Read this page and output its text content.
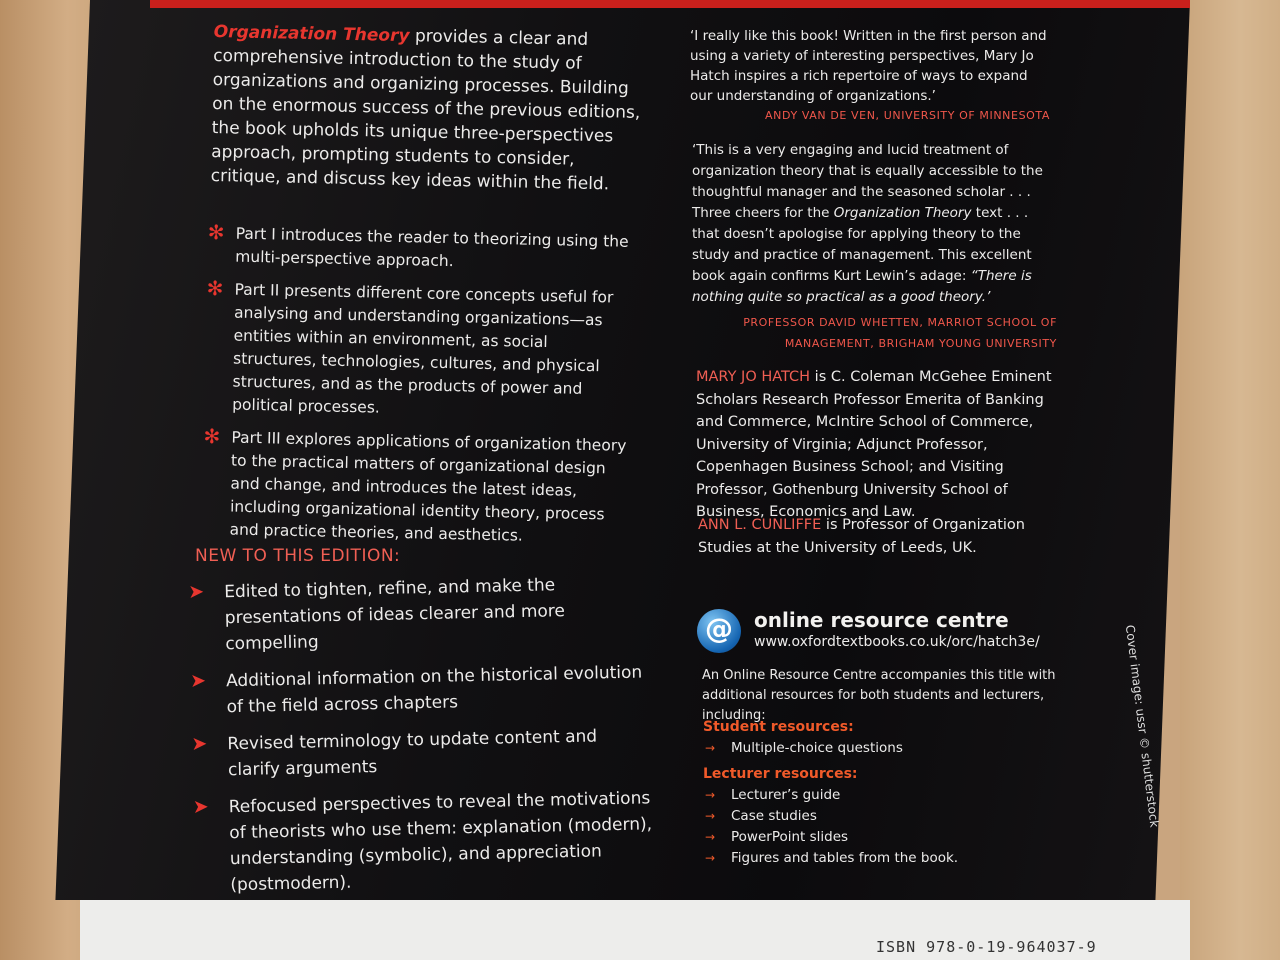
Organization Theory provides a clear and comprehensive introduction to the study of organizations and organizing processes. Building on the enormous success of the previous editions, the book upholds its unique three-perspectives approach, prompting students to consider, critique, and discuss key ideas within the field.
✻ Part I introduces the reader to theorizing using the multi-perspective approach.
✻ Part II presents different core concepts useful for analysing and understanding organizations—as entities within an environment, as social structures, technologies, cultures, and physical structures, and as the products of power and political processes.
✻ Part III explores applications of organization theory to the practical matters of organizational design and change, and introduces the latest ideas, including organizational identity theory, process and practice theories, and aesthetics.
NEW TO THIS EDITION:
➤ Edited to tighten, refine, and make the presentations of ideas clearer and more compelling
➤ Additional information on the historical evolution of the field across chapters
➤ Revised terminology to update content and clarify arguments
➤ Refocused perspectives to reveal the motivations of theorists who use them: explanation (modern), understanding (symbolic), and appreciation (postmodern).
‘I really like this book! Written in the first person and using a variety of interesting perspectives, Mary Jo Hatch inspires a rich repertoire of ways to expand our understanding of organizations.’
ANDY VAN DE VEN, UNIVERSITY OF MINNESOTA
‘This is a very engaging and lucid treatment of organization theory that is equally accessible to the thoughtful manager and the seasoned scholar . . . Three cheers for the Organization Theory text . . . that doesn’t apologise for applying theory to the study and practice of management. This excellent book again confirms Kurt Lewin’s adage: “There is nothing quite so practical as a good theory.’
PROFESSOR DAVID WHETTEN, MARRIOT SCHOOL OF
MANAGEMENT, BRIGHAM YOUNG UNIVERSITY
MARY JO HATCH is C. Coleman McGehee Eminent Scholars Research Professor Emerita of Banking and Commerce, McIntire School of Commerce, University of Virginia; Adjunct Professor, Copenhagen Business School; and Visiting Professor, Gothenburg University School of Business, Economics and Law.
ANN L. CUNLIFFE is Professor of Organization Studies at the University of Leeds, UK.
@ online resource centre
www.oxfordtextbooks.co.uk/orc/hatch3e/
An Online Resource Centre accompanies this title with additional resources for both students and lecturers, including:
Student resources:
→ Multiple-choice questions
Lecturer resources:
→ Lecturer’s guide
→ Case studies
→ PowerPoint slides
→ Figures and tables from the book.
Cover image: ussr © shutterstock
ISBN 978-0-19-964037-9
